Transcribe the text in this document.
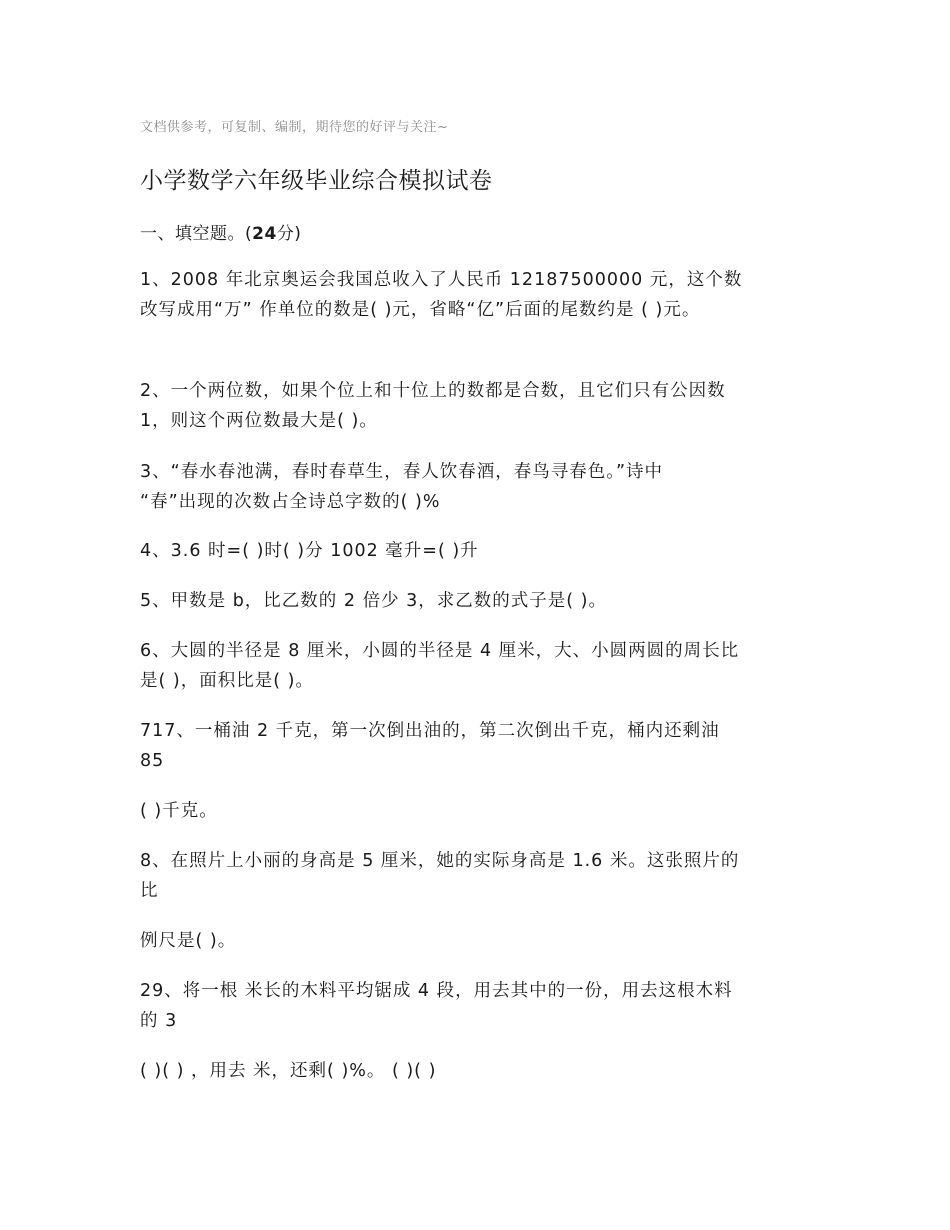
文档供参考，可复制、编制，期待您的好评与关注~
小学数学六年级毕业综合模拟试卷
一、填空题。(24分)
1、2008 年北京奥运会我国总收入了人民币 12187500000 元，这个数
改写成用“万” 作单位的数是( )元，省略“亿”后面的尾数约是 ( )元。
2、一个两位数，如果个位上和十位上的数都是合数，且它们只有公因数
1，则这个两位数最大是( )。
3、“春水春池满，春时春草生，春人饮春酒，春鸟寻春色。”诗中
“春”出现的次数占全诗总字数的( )%
4、3.6 时=( )时( )分 1002 毫升=( )升
5、甲数是 b，比乙数的 2 倍少 3，求乙数的式子是( )。
6、大圆的半径是 8 厘米，小圆的半径是 4 厘米，大、小圆两圆的周长比
是( )，面积比是( )。
717、一桶油 2 千克，第一次倒出油的，第二次倒出千克，桶内还剩油
85
( )千克。
8、在照片上小丽的身高是 5 厘米，她的实际身高是 1.6 米。这张照片的
比
例尺是( )。
29、将一根 米长的木料平均锯成 4 段，用去其中的一份，用去这根木料
的 3
( )( ) ，用去 米，还剩( )%。 ( )( )
